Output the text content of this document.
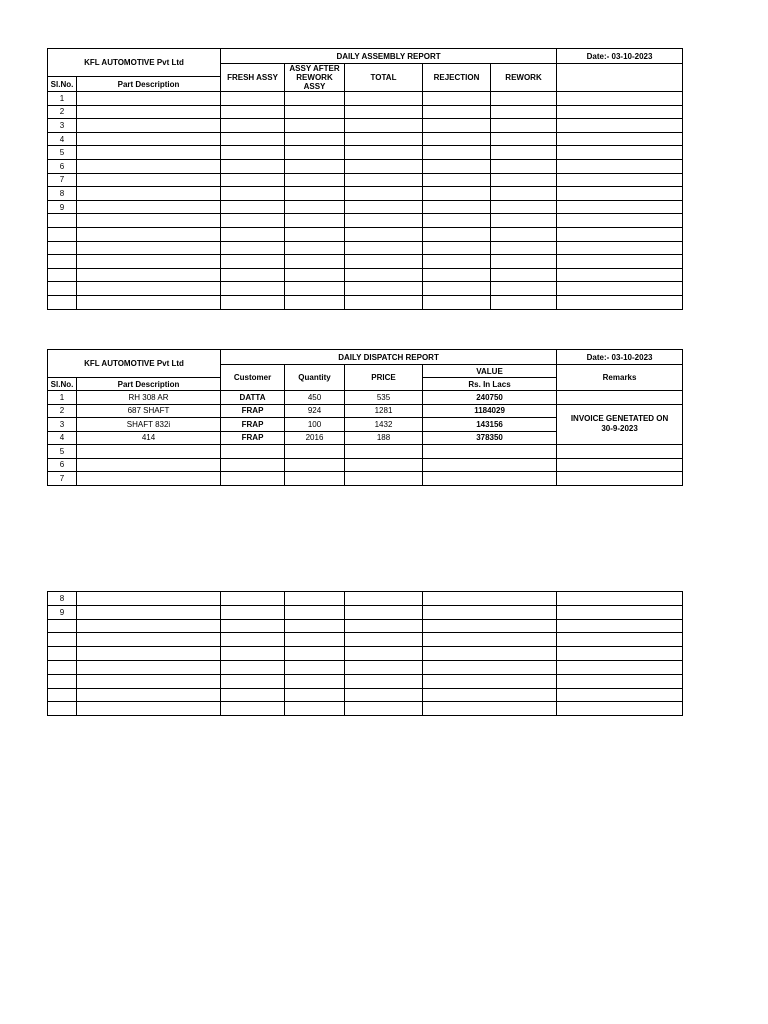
KFL AUTOMOTIVE Pvt Ltd		DAILY ASSEMBLY REPORT					Date:- 03-10-2023
		FRESH ASSY	ASSY AFTER REWORK ASSY	TOTAL	REJECTION	REWORK	
Sl.No.	Part Description						
1							
2							
3							
4							
5							
6							
7							
8							
9							

KFL AUTOMOTIVE Pvt Ltd		DAILY DISPATCH REPORT				Date:- 03-10-2023
		Customer	Quantity	PRICE	VALUE	Remarks
Sl.No.	Part Description				Rs. In Lacs	
1	RH 308 AR	DATTA	450	535	240750	
2	687 SHAFT	FRAP	924	1281	1184029	INVOICE GENETATED ON 30-9-2023
3	SHAFT 832i	FRAP	100	1432	143156	
4	414	FRAP	2016	188	378350	
5						
6						
7						
8						
9						
